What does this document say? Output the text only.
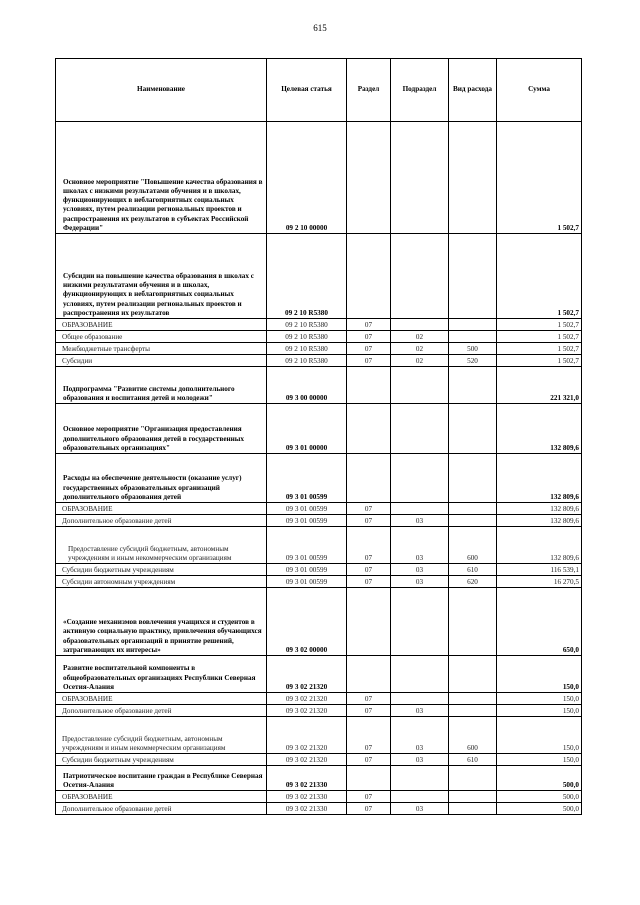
615
Наименование	Целевая статья	Раздел	Подраздел	Вид расхода	Сумма
Основное мероприятие "Повышение качества образования в школах с низкими результатами обучения и в школах, функционирующих в неблагоприятных социальных условиях, путем реализации региональных проектов и распространения их результатов в субъектах Российской Федерации"	09 2 10 00000				1 502,7
Субсидии на повышение качества образования в школах с низкими результатами обучения и в школах, функционирующих в неблагоприятных социальных условиях, путем реализации региональных проектов и распространения их результатов	09 2 10 R5380				1 502,7
ОБРАЗОВАНИЕ	09 2 10 R5380	07			1 502,7
Общее образование	09 2 10 R5380	07	02		1 502,7
Межбюджетные трансферты	09 2 10 R5380	07	02	500	1 502,7
Субсидии	09 2 10 R5380	07	02	520	1 502,7
Подпрограмма "Развитие системы дополнительного образования и воспитания детей и молодежи"	09 3 00 00000				221 321,0
Основное мероприятие "Организация предоставления дополнительного образования детей в государственных образовательных организациях"	09 3 01 00000				132 809,6
Расходы на обеспечение деятельности (оказание услуг) государственных образовательных организаций дополнительного образования детей	09 3 01 00599				132 809,6
ОБРАЗОВАНИЕ	09 3 01 00599	07			132 809,6
Дополнительное образование детей	09 3 01 00599	07	03		132 809,6
Предоставление субсидий бюджетным, автономным учреждениям и иным некоммерческим организациям	09 3 01 00599	07	03	600	132 809,6
Субсидии бюджетным учреждениям	09 3 01 00599	07	03	610	116 539,1
Субсидии автономным учреждениям	09 3 01 00599	07	03	620	16 270,5
«Создание механизмов вовлечения учащихся и студентов в активную социальную практику, привлечения обучающихся образовательных организаций в принятие решений, затрагивающих их интересы»	09 3 02 00000				650,0
Развитие воспитательной компоненты в общеобразовательных организациях Республики Северная Осетия-Алания	09 3 02 21320				150,0
ОБРАЗОВАНИЕ	09 3 02 21320	07			150,0
Дополнительное образование детей	09 3 02 21320	07	03		150,0
Предоставление субсидий бюджетным, автономным учреждениям и иным некоммерческим организациям	09 3 02 21320	07	03	600	150,0
Субсидии бюджетным учреждениям	09 3 02 21320	07	03	610	150,0
Патриотическое воспитание граждан в Республике Северная Осетия-Алания	09 3 02 21330				500,0
ОБРАЗОВАНИЕ	09 3 02 21330	07			500,0
Дополнительное образование детей	09 3 02 21330	07	03		500,0
